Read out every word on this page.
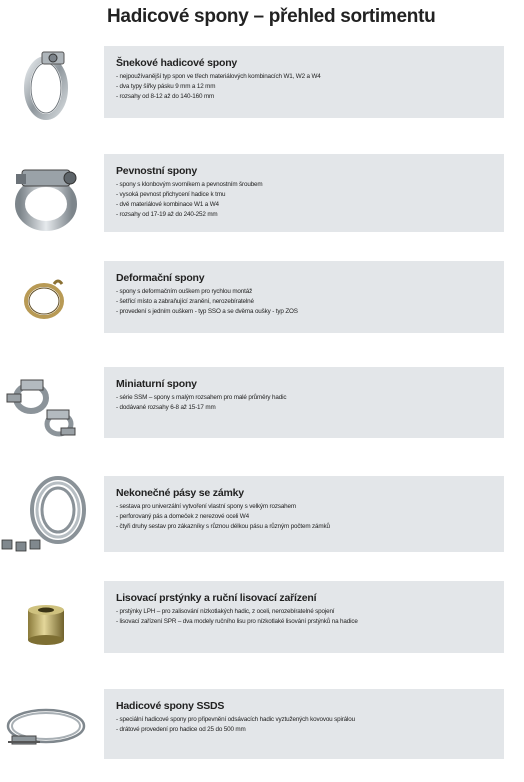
Hadicové spony – přehled sortimentu
Šnekové hadicové spony
- nejpoužívanější typ spon ve třech materiálových kombinacích W1, W2 a W4
- dva typy šířky pásku 9 mm a 12 mm
- rozsahy od 8-12 až do 140-160 mm
Pevnostní spony
- spony s klonbovým svorníkem a pevnostním šroubem
- vysoká pevnost přichycení hadice k trnu
- dvě materiálové kombinace W1 a W4
- rozsahy od 17-19 až do 240-252 mm
Deformační spony
- spony s deformačním ouškem pro rychlou montáž
- šetřící místo a zabraňující zranění, nerozebíratelné
- provedení s jedním ouškem - typ SSO a se dvěma oušky - typ ZOS
Miniaturní spony
- série SSM – spony s malým rozsahem pro malé průměry hadic
- dodávané rozsahy 6-8 až 15-17 mm
Nekonečné pásy se zámky
- sestava pro univerzální vytvoření vlastní spony s velkým rozsahem
- perforovaný pás a domeček z nerezové oceli W4
- čtyři druhy sestav pro zákazníky s různou délkou pásu a různým počtem zámků
Lisovací prstýnky a ruční lisovací zařízení
- prstýnky LPH – pro zalisování nízkotlakých hadic, z oceli, nerozebíratelné spojení
- lisovací zařízení SPR – dva modely ručního lisu pro nízkotlaké lisování prstýnků na hadice
Hadicové spony SSDS
- speciální hadicové spony pro připevnění odsávacích hadic vyztužených kovovou spirálou
- drátové provedení pro hadice od 25 do 500 mm
